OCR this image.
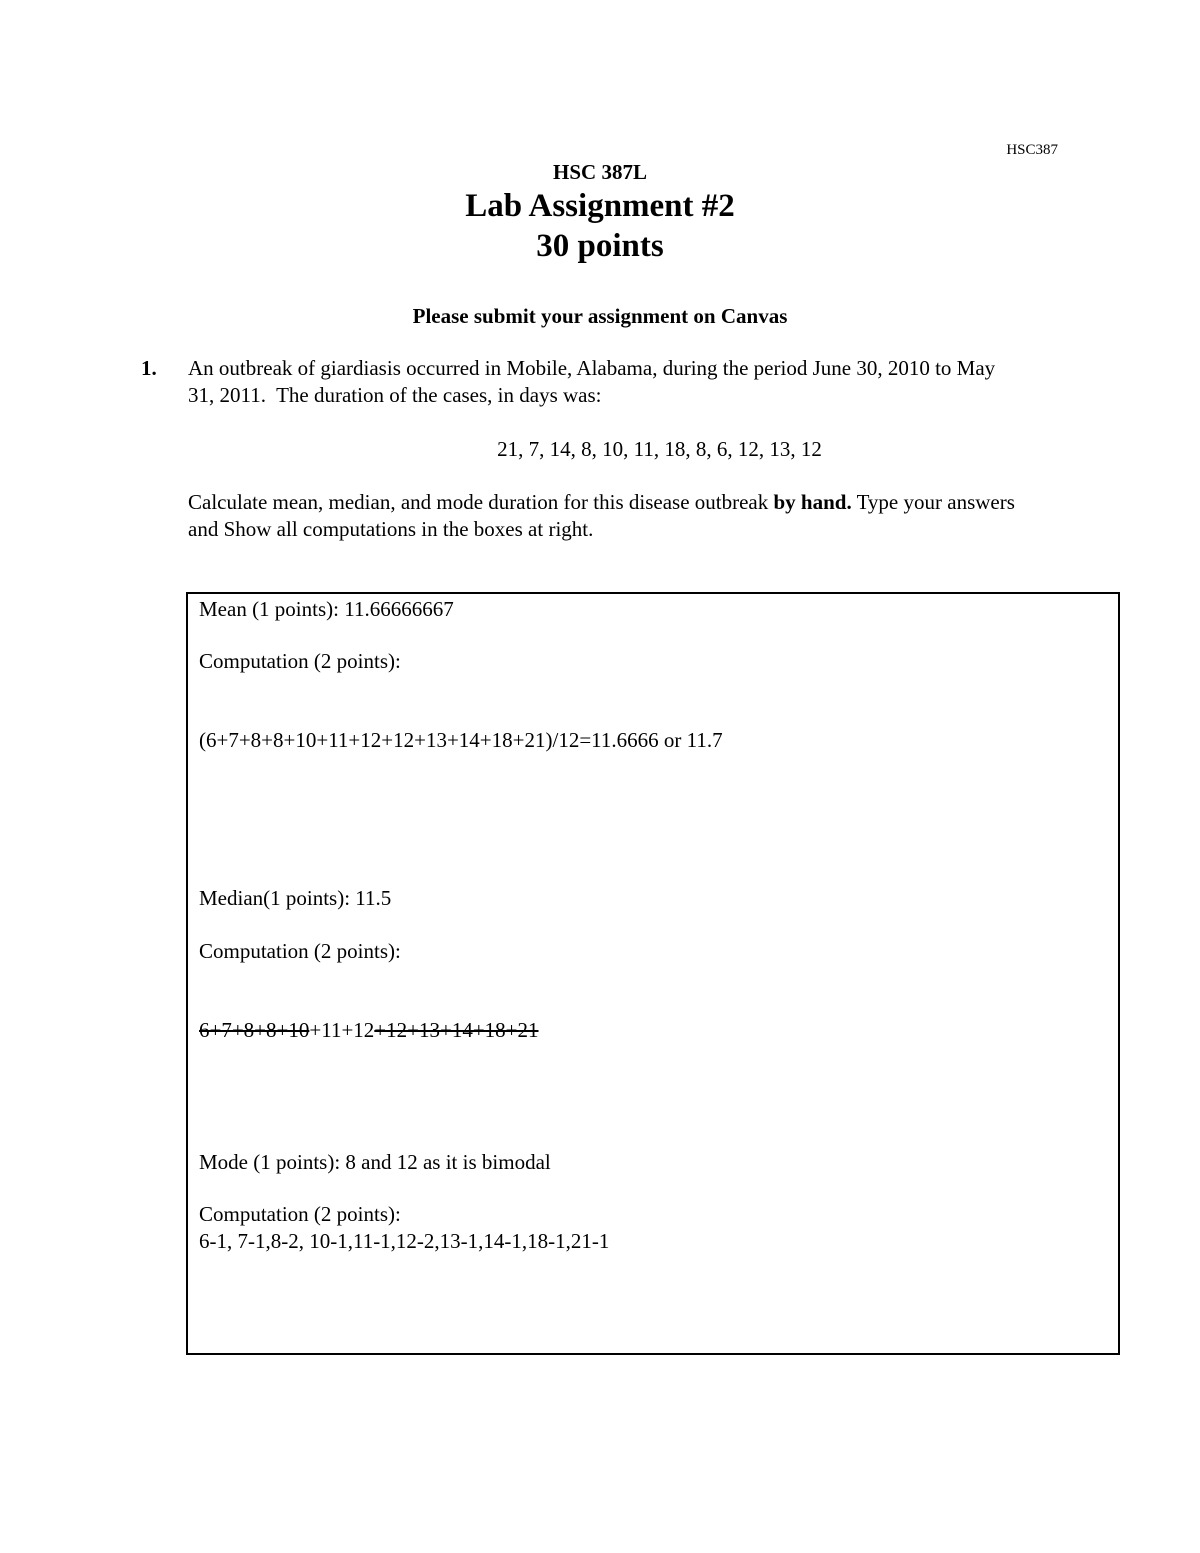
HSC387
HSC 387L
Lab Assignment #2
30 points
Please submit your assignment on Canvas
1. An outbreak of giardiasis occurred in Mobile, Alabama, during the period June 30, 2010 to May
31, 2011.  The duration of the cases, in days was:
21, 7, 14, 8, 10, 11, 18, 8, 6, 12, 13, 12
Calculate mean, median, and mode duration for this disease outbreak by hand. Type your answers
and Show all computations in the boxes at right.
Mean (1 points): 11.66666667
Computation (2 points):
(6+7+8+8+10+11+12+12+13+14+18+21)/12=11.6666 or 11.7
Median(1 points): 11.5
Computation (2 points):
6+7+8+8+10+11+12+12+13+14+18+21
Mode (1 points): 8 and 12 as it is bimodal
Computation (2 points):
6-1, 7-1,8-2, 10-1,11-1,12-2,13-1,14-1,18-1,21-1
